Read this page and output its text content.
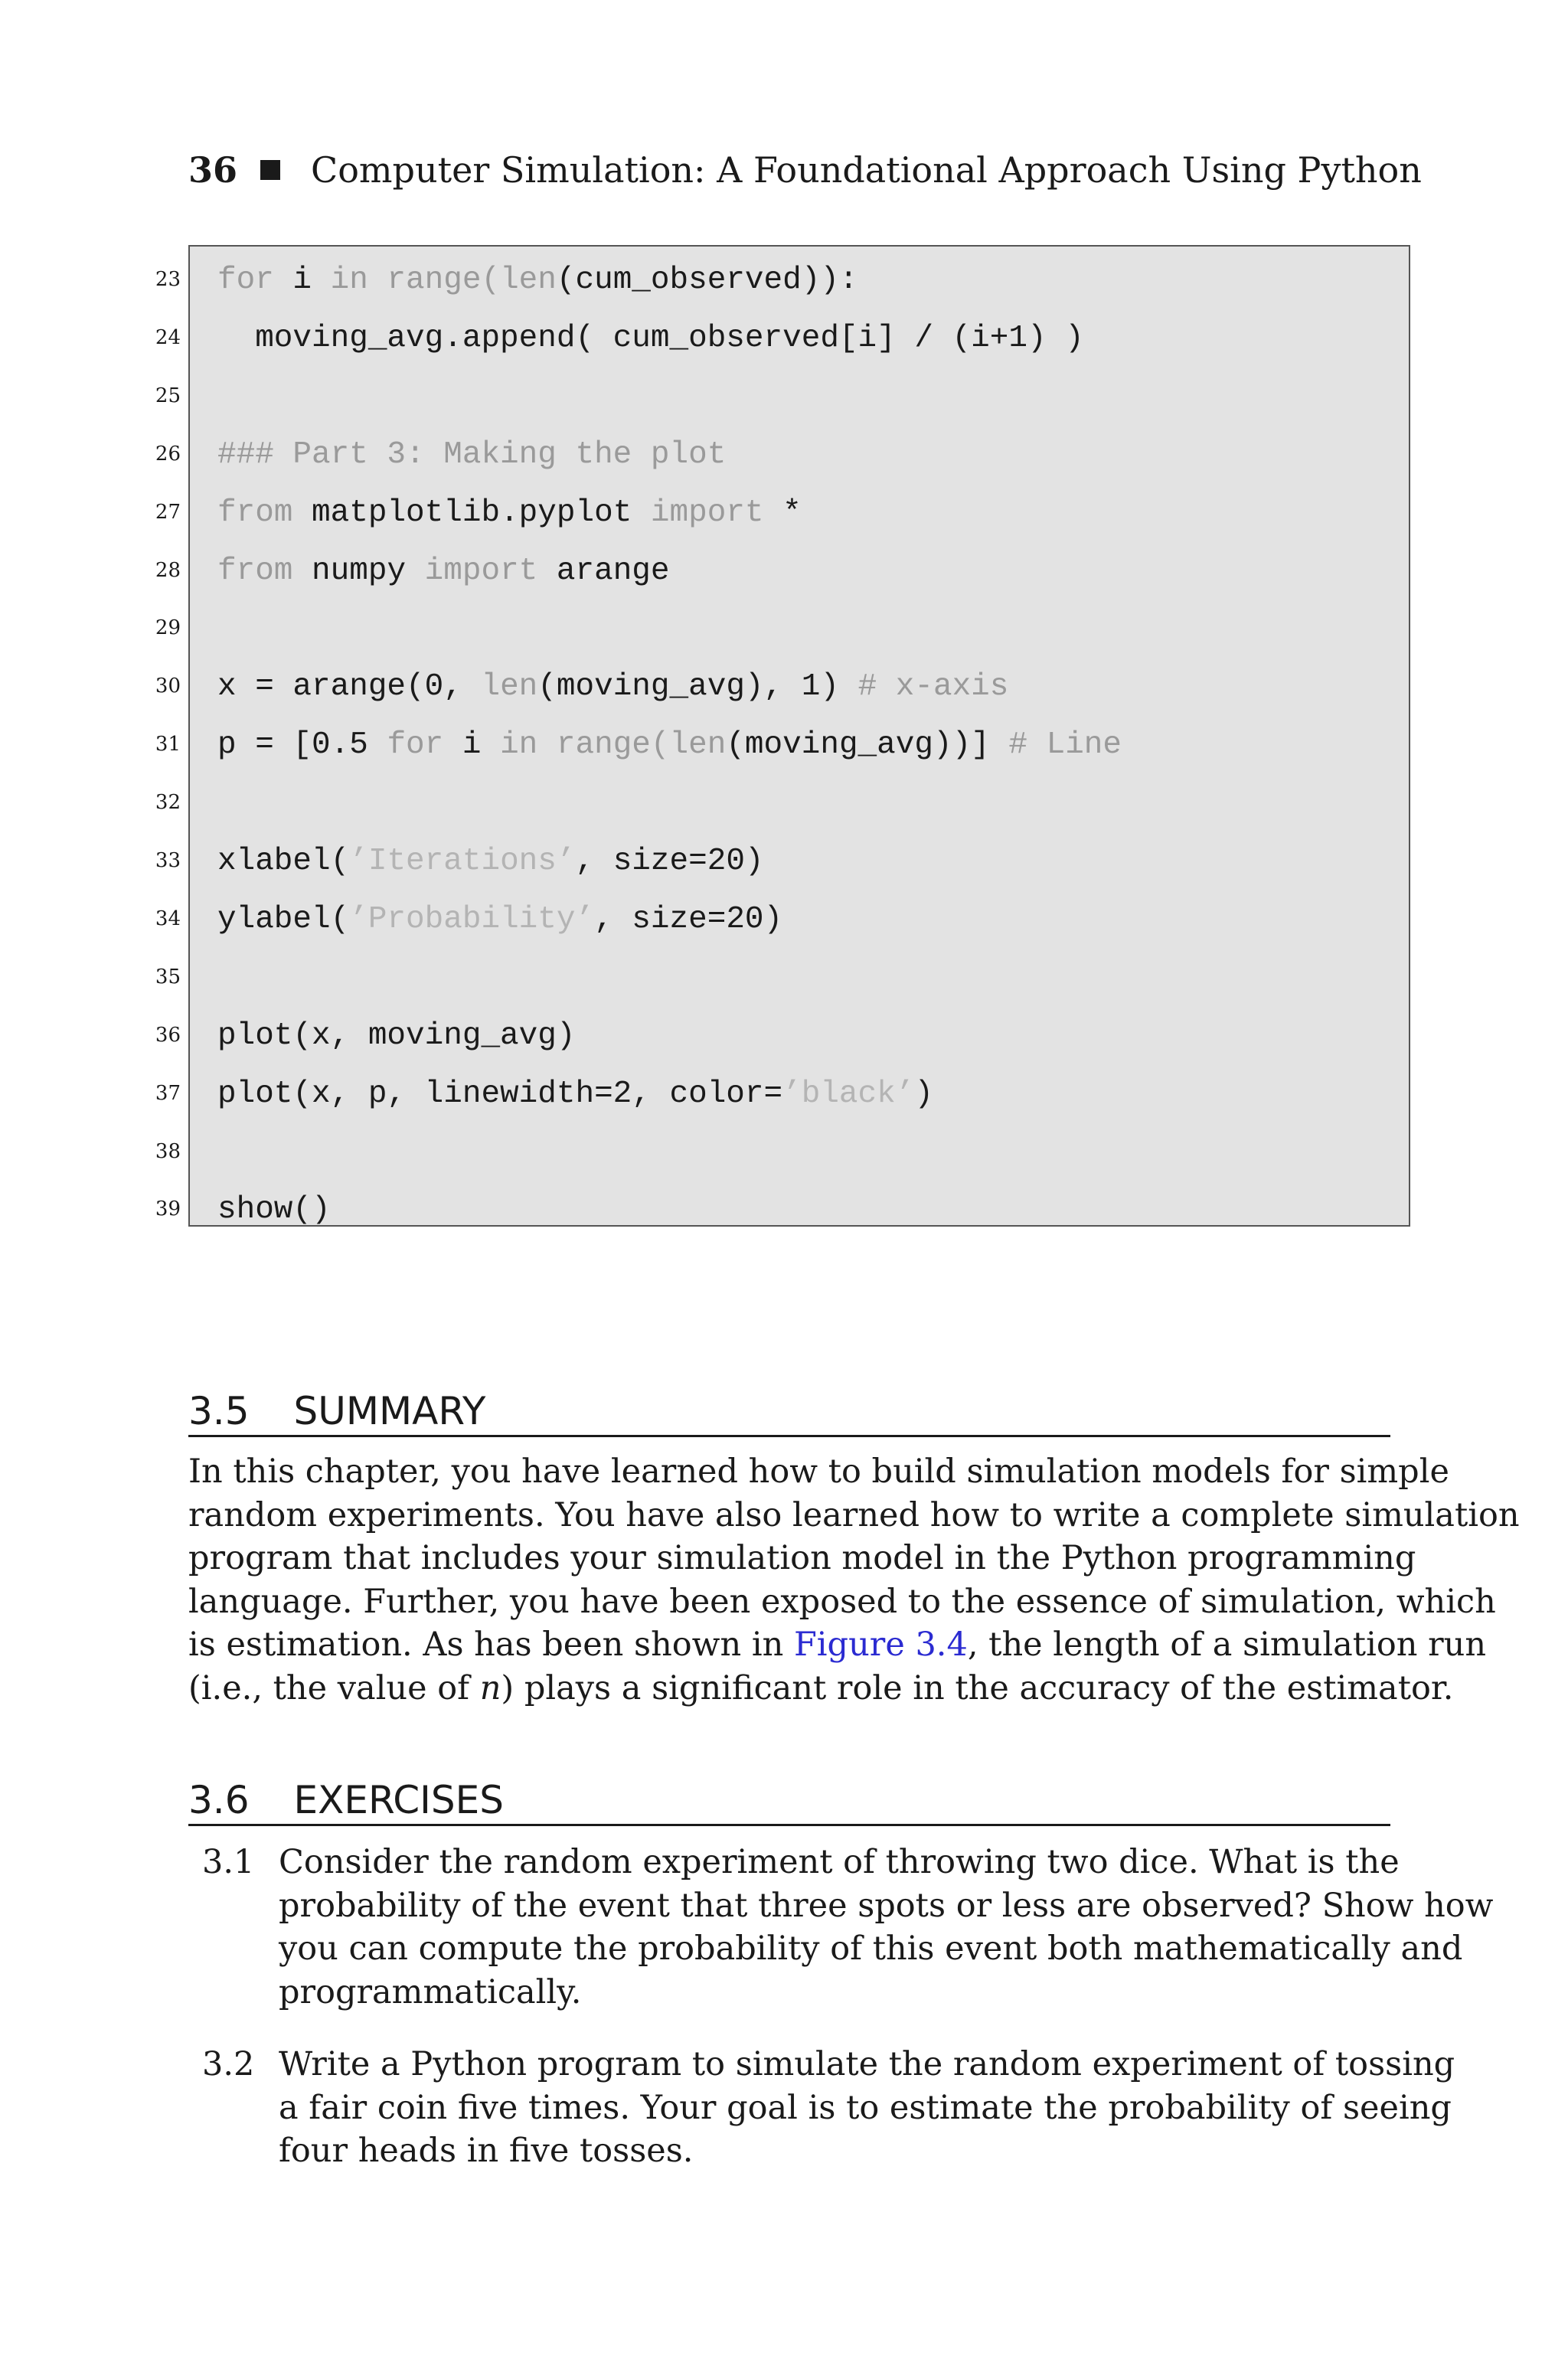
36 Computer Simulation: A Foundational Approach Using Python
for i in range(len(cum_observed)):
moving_avg.append( cum_observed[i] / (i+1) )
### Part 3: Making the plot
from matplotlib.pyplot import *
from numpy import arange
x = arange(0, len(moving_avg), 1) # x-axis
p = [0.5 for i in range(len(moving_avg))] # Line
xlabel(’Iterations’, size=20)
ylabel(’Probability’, size=20)
plot(x, moving_avg)
plot(x, p, linewidth=2, color=’black’)
show()
23
24
25
26
27
28
29
30
31
32
33
34
35
36
37
38
39
3.5 SUMMARY
In this chapter, you have learned how to build simulation models for simple
random experiments. You have also learned how to write a complete simulation
program that includes your simulation model in the Python programming
language. Further, you have been exposed to the essence of simulation, which
is estimation. As has been shown in Figure 3.4, the length of a simulation run
(i.e., the value of n) plays a significant role in the accuracy of the estimator.
3.6 EXERCISES
3.1 Consider the random experiment of throwing two dice. What is the
probability of the event that three spots or less are observed? Show how
you can compute the probability of this event both mathematically and
programmatically.
3.2 Write a Python program to simulate the random experiment of tossing
a fair coin five times. Your goal is to estimate the probability of seeing
four heads in five tosses.
